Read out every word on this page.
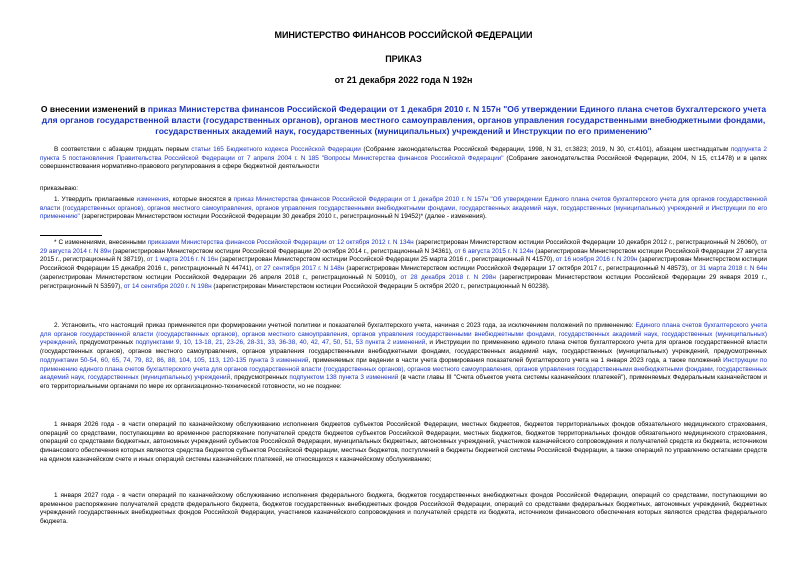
МИНИСТЕРСТВО ФИНАНСОВ РОССИЙСКОЙ ФЕДЕРАЦИИ
ПРИКАЗ
от 21 декабря 2022 года N 192н
О внесении изменений в приказ Министерства финансов Российской Федерации от 1 декабря 2010 г. N 157н "Об утверждении Единого плана счетов бухгалтерского учета для органов государственной власти (государственных органов), органов местного самоуправления, органов управления государственными внебюджетными фондами, государственных академий наук, государственных (муниципальных) учреждений и Инструкции по его применению"
В соответствии с абзацем тридцать первым статьи 165 Бюджетного кодекса Российской Федерации (Собрание законодательства Российской Федерации, 1998, N 31, ст.3823; 2019, N 30, ст.4101), абзацем шестнадцатым подпункта 2 пункта 5 постановления Правительства Российской Федерации от 7 апреля 2004 г. N 185 "Вопросы Министерства финансов Российской Федерации" (Собрание законодательства Российской Федерации, 2004, N 15, ст.1478) и в целях совершенствования нормативно-правового регулирования в сфере бюджетной деятельности
приказываю:
1. Утвердить прилагаемые изменения, которые вносятся в приказ Министерства финансов Российской Федерации от 1 декабря 2010 г. N 157н "Об утверждении Единого плана счетов бухгалтерского учета для органов государственной власти (государственных органов), органов местного самоуправления, органов управления государственными внебюджетными фондами, государственных академий наук, государственных (муниципальных) учреждений и Инструкции по его применению" (зарегистрирован Министерством юстиции Российской Федерации 30 декабря 2010 г., регистрационный N 19452)* (далее - изменения).
* С изменениями, внесенными приказами Министерства финансов Российской Федерации от 12 октября 2012 г. N 134н (зарегистрирован Министерством юстиции Российской Федерации 10 декабря 2012 г., регистрационный N 26060), от 29 августа 2014 г. N 89н (зарегистрирован Министерством юстиции Российской Федерации 20 октября 2014 г., регистрационный N 34361), от 6 августа 2015 г. N 124н (зарегистрирован Министерством юстиции Российской Федерации 27 августа 2015 г., регистрационный N 38719), от 1 марта 2016 г. N 16н (зарегистрирован Министерством юстиции Российской Федерации 25 марта 2016 г., регистрационный N 41570), от 16 ноября 2016 г. N 209н (зарегистрирован Министерством юстиции Российской Федерации 15 декабря 2016 г., регистрационный N 44741), от 27 сентября 2017 г. N 148н (зарегистрирован Министерством юстиции Российской Федерации 17 октября 2017 г., регистрационный N 48573), от 31 марта 2018 г. N 64н (зарегистрирован Министерством юстиции Российской Федерации 26 апреля 2018 г., регистрационный N 50910), от 28 декабря 2018 г. N 298н (зарегистрирован Министерством юстиции Российской Федерации 29 января 2019 г., регистрационный N 53597), от 14 сентября 2020 г. N 198н (зарегистрирован Министерством юстиции Российской Федерации 5 октября 2020 г., регистрационный N 60238).
2. Установить, что настоящий приказ применяется при формировании учетной политики и показателей бухгалтерского учета, начиная с 2023 года, за исключением положений по применению: Единого плана счетов бухгалтерского учета для органов государственной власти (государственных органов), органов местного самоуправления, органов управления государственными внебюджетными фондами, государственных академий наук, государственных (муниципальных) учреждений, предусмотренных подпунктами 9, 10, 13-18, 21, 23-26, 28-31, 33, 36-38, 40, 42, 47, 50, 51, 53 пункта 2 изменений, и Инструкции по применению единого плана счетов бухгалтерского учета для органов государственной власти (государственных органов), органов местного самоуправления, органов управления государственными внебюджетными фондами, государственных академий наук, государственных (муниципальных) учреждений, предусмотренных подпунктами 50-54, 60, 65, 74, 79, 82, 86, 88, 104, 105, 113, 120-135 пункта 3 изменений, применяемых при ведении в части учета формирования показателей бухгалтерского учета на 1 января 2023 года, а также положений Инструкции по применению единого плана счетов бухгалтерского учета для органов государственной власти (государственных органов), органов местного самоуправления, органов управления государственными внебюджетными фондами, государственных академий наук, государственных (муниципальных) учреждений, предусмотренных подпунктом 138 пункта 3 изменений (в части главы III "Счета объектов учета системы казначейских платежей"), применяемых Федеральным казначейством и его территориальными органами по мере их организационно-технической готовности, но не позднее:
1 января 2026 года - в части операций по казначейскому обслуживанию исполнения бюджетов субъектов Российской Федерации, местных бюджетов, бюджетов территориальных фондов обязательного медицинского страхования, операций со средствами, поступающими во временное распоряжение получателей средств бюджетов субъектов Российской Федерации, местных бюджетов, бюджетов территориальных фондов обязательного медицинского страхования, операций со средствами бюджетных, автономных учреждений субъектов Российской Федерации, муниципальных бюджетных, автономных учреждений, участников казначейского сопровождения и получателей средств из бюджета, источником финансового обеспечения которых являются средства бюджетов субъектов Российской Федерации, местных бюджетов, поступлений в бюджеты бюджетной системы Российской Федерации, а также операций по управлению остатками средств на едином казначейском счете и иных операций системы казначейских платежей, не относящихся к казначейскому обслуживанию;
1 января 2027 года - в части операций по казначейскому обслуживанию исполнения федерального бюджета, бюджетов государственных внебюджетных фондов Российской Федерации, операций со средствами, поступающими во временное распоряжение получателей средств федерального бюджета, бюджетов государственных внебюджетных фондов Российской Федерации, операций со средствами федеральных бюджетных, автономных учреждений, бюджетных учреждений государственных внебюджетных фондов Российской Федерации, участников казначейского сопровождения и получателей средств из бюджета, источником финансового обеспечения которых являются средства федерального бюджета.
